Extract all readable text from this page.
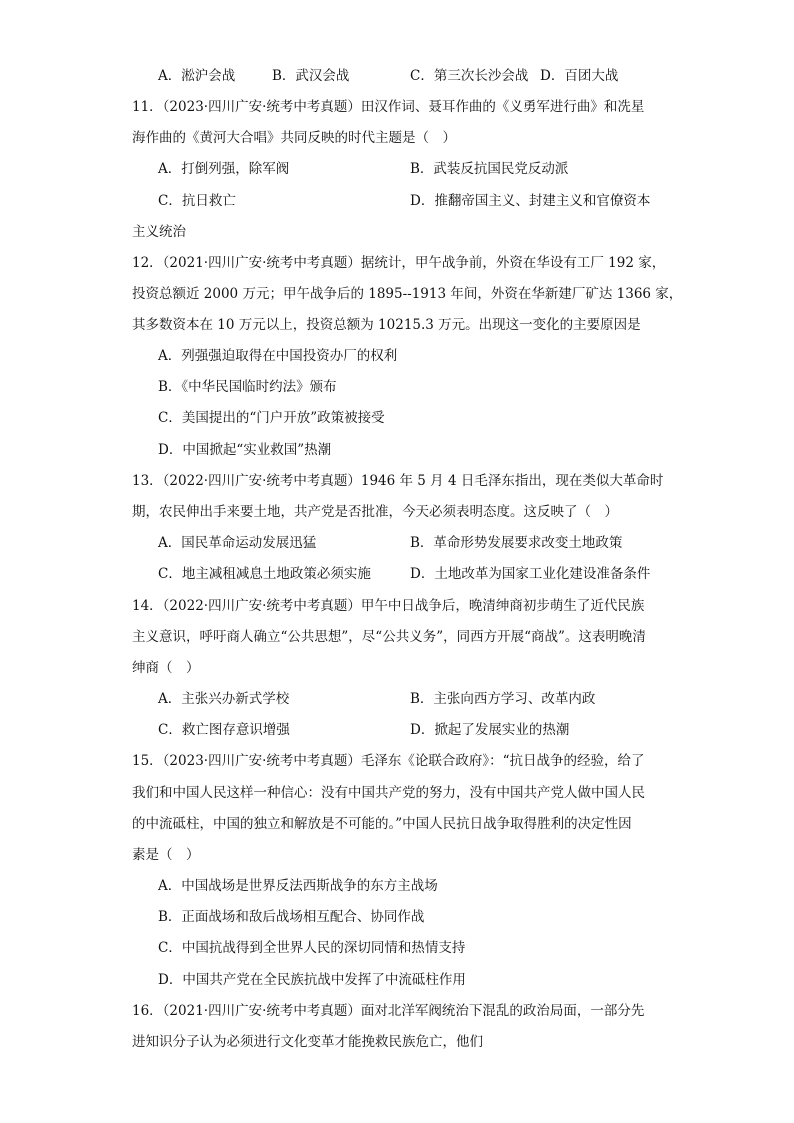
A．淞沪会战	B．武汉会战	C．第三次长沙会战 D．百团大战
11．（2023·四川广安·统考中考真题）田汉作词、聂耳作曲的《义勇军进行曲》和冼星
海作曲的《黄河大合唱》共同反映的时代主题是（　）
A．打倒列强，除军阀	B．武装反抗国民党反动派
C．抗日救亡	D．推翻帝国主义、封建主义和官僚资本
主义统治
12．（2021·四川广安·统考中考真题）据统计，甲午战争前，外资在华设有工厂 192 家，
投资总额近 2000 万元；甲午战争后的 1895--1913 年间，外资在华新建厂矿达 1366 家，
其多数资本在 10 万元以上，投资总额为 10215.3 万元。出现这一变化的主要原因是
A．列强强迫取得在中国投资办厂的权利
B．《中华民国临时约法》颁布
C．美国提出的“门户开放”政策被接受
D．中国掀起“实业救国”热潮
13．（2022·四川广安·统考中考真题）1946 年 5 月 4 日毛泽东指出，现在类似大革命时
期，农民伸出手来要土地，共产党是否批准，今天必须表明态度。这反映了（　）
A．国民革命运动发展迅猛	B．革命形势发展要求改变土地政策
C．地主减租减息土地政策必须实施	D．土地改革为国家工业化建设准备条件
14．（2022·四川广安·统考中考真题）甲午中日战争后，晚清绅商初步萌生了近代民族
主义意识，呼吁商人确立“公共思想”，尽“公共义务”，同西方开展“商战”。这表明晚清
绅商（　）
A．主张兴办新式学校	B．主张向西方学习、改革内政
C．救亡图存意识增强	D．掀起了发展实业的热潮
15．（2023·四川广安·统考中考真题）毛泽东《论联合政府》：“抗日战争的经验，给了
我们和中国人民这样一种信心：没有中国共产党的努力，没有中国共产党人做中国人民
的中流砥柱，中国的独立和解放是不可能的。”中国人民抗日战争取得胜利的决定性因
素是（　）
A．中国战场是世界反法西斯战争的东方主战场
B．正面战场和敌后战场相互配合、协同作战
C．中国抗战得到全世界人民的深切同情和热情支持
D．中国共产党在全民族抗战中发挥了中流砥柱作用
16．（2021·四川广安·统考中考真题）面对北洋军阀统治下混乱的政治局面，一部分先
进知识分子认为必须进行文化变革才能挽救民族危亡，他们
